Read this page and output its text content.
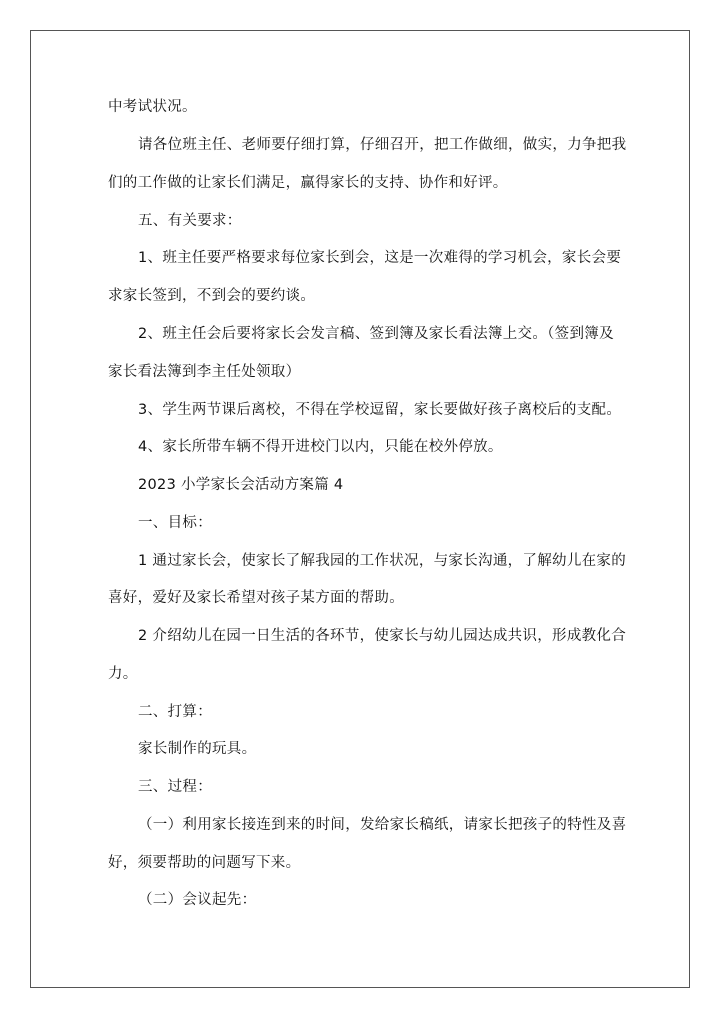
中考试状况。
请各位班主任、老师要仔细打算，仔细召开，把工作做细，做实，力争把我
们的工作做的让家长们满足，赢得家长的支持、协作和好评。
五、有关要求：
1、班主任要严格要求每位家长到会，这是一次难得的学习机会，家长会要
求家长签到，不到会的要约谈。
2、班主任会后要将家长会发言稿、签到簿及家长看法簿上交。（签到簿及
家长看法簿到李主任处领取）
3、学生两节课后离校，不得在学校逗留，家长要做好孩子离校后的支配。
4、家长所带车辆不得开进校门以内，只能在校外停放。
2023 小学家长会活动方案篇 4
一、目标：
1 通过家长会，使家长了解我园的工作状况，与家长沟通，了解幼儿在家的
喜好，爱好及家长希望对孩子某方面的帮助。
2 介绍幼儿在园一日生活的各环节，使家长与幼儿园达成共识，形成教化合
力。
二、打算：
家长制作的玩具。
三、过程：
（一）利用家长接连到来的时间，发给家长稿纸，请家长把孩子的特性及喜
好，须要帮助的问题写下来。
（二）会议起先：
